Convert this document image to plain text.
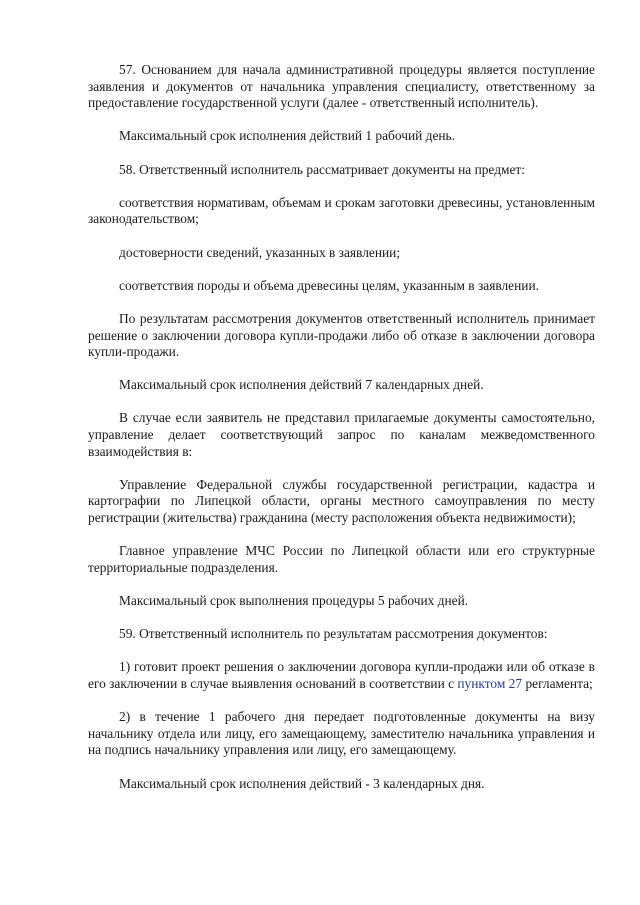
57. Основанием для начала административной процедуры является поступление заявления и документов от начальника управления специалисту, ответственному за предоставление государственной услуги (далее - ответственный исполнитель).

Максимальный срок исполнения действий 1 рабочий день.

58. Ответственный исполнитель рассматривает документы на предмет:

соответствия нормативам, объемам и срокам заготовки древесины, установленным законодательством;

достоверности сведений, указанных в заявлении;

соответствия породы и объема древесины целям, указанным в заявлении.

По результатам рассмотрения документов ответственный исполнитель принимает решение о заключении договора купли-продажи либо об отказе в заключении договора купли-продажи.

Максимальный срок исполнения действий 7 календарных дней.

В случае если заявитель не представил прилагаемые документы самостоятельно, управление делает соответствующий запрос по каналам межведомственного взаимодействия в:

Управление Федеральной службы государственной регистрации, кадастра и картографии по Липецкой области, органы местного самоуправления по месту регистрации (жительства) гражданина (месту расположения объекта недвижимости);

Главное управление МЧС России по Липецкой области или его структурные территориальные подразделения.

Максимальный срок выполнения процедуры 5 рабочих дней.

59. Ответственный исполнитель по результатам рассмотрения документов:

1) готовит проект решения о заключении договора купли-продажи или об отказе в его заключении в случае выявления оснований в соответствии с пунктом 27 регламента;

2) в течение 1 рабочего дня передает подготовленные документы на визу начальнику отдела или лицу, его замещающему, заместителю начальника управления и на подпись начальнику управления или лицу, его замещающему.

Максимальный срок исполнения действий - 3 календарных дня.
